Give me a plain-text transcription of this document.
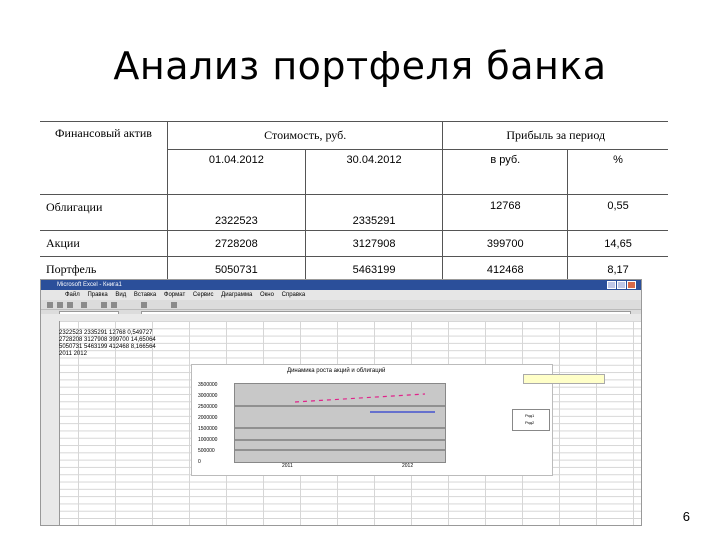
Анализ портфеля банка
Финансовый актив	Стоимость, руб.		Прибыль за период	
	01.04.2012	30.04.2012	в руб.	%
Облигации	2322523	2335291	12768	0,55
Акции	2728208	3127908	399700	14,65
Портфель	5050731	5463199	412468	8,17
Microsoft Excel - Книга1
Файл Правка Вид Вставка Формат Сервис Диаграмма Окно Справка
2322523 2335291 12768 0,549727
2728208 3127908 399700 14,65064
5050731 5463199 412468 8,166564
2011 2012
Динамика роста акций и облигаций
3500000
3000000
2500000
2000000
1500000
1000000
500000
0
2011	2012
Ряд1
Ряд2
6
